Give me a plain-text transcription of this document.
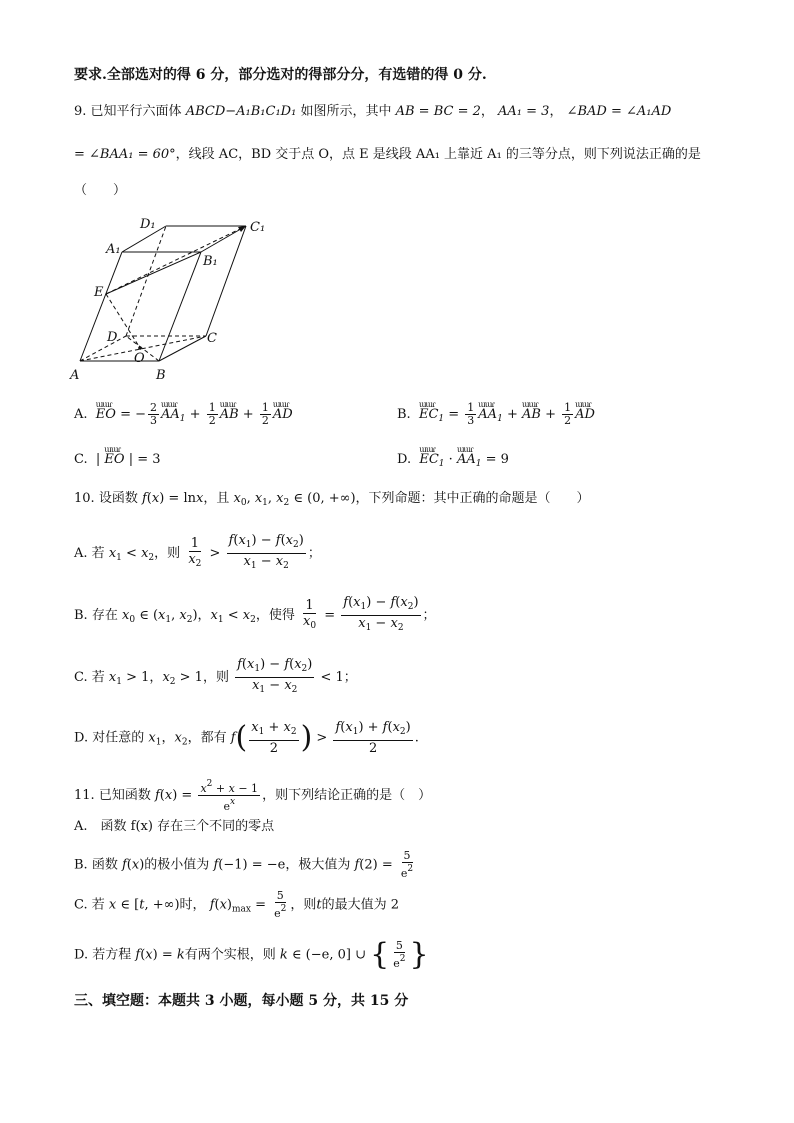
要求.全部选对的得 6 分，部分选对的得部分分，有选错的得 0 分.
9. 已知平行六面体 ABCD−A₁B₁C₁D₁ 如图所示，其中 AB = BC = 2， AA₁ = 3， ∠BAD = ∠A₁AD
= ∠BAA₁ = 60°，线段 AC，BD 交于点 O，点 E 是线段 AA₁ 上靠近 A₁ 的三等分点，则下列说法正确的是
（　　）
D₁	C₁
A₁
B₁
E
D	C
O
A	B
A. ɯɯɾ EO = − $\frac{2}{3}$ ɯɯɾ $AA_1 + \frac{1}{2}$ ɯɯɾ AB + $\frac{1}{2}$ ɯɯɾ AD	B. ɯɯɾ $EC_1 = \frac{1}{3}$ ɯɯɾ $AA_1$ + ɯɯɾ AB + $\frac{1}{2}$ ɯɯɾ AD
C.  | ɯɯɾ EO | = 3	D. ɯɯɾ $EC_1$ · ɯɯɾ $AA_1 = 9$
10. 设函数 f(x) = lnx，且 $x_0$, $x_1$, $x_2$ ∈ (0, +∞)，下列命题：其中正确的命题是（　　）
A. 若 $x_1 < x_2$，则 $\frac{1}{x_2} > \frac{f(x_1) - f(x_2)}{x_1 - x_2}$ ；
B. 存在 $x_0$ ∈ ($x_1$, $x_2$)，$x_1 < x_2$，使得 $\frac{1}{x_0} = \frac{f(x_1) - f(x_2)}{x_1 - x_2}$ ；
C. 若 $x_1 > 1$，$x_2 > 1$，则 $\frac{f(x_1) - f(x_2)}{x_1 - x_2} < 1$；
D. 对任意的 $x_1$，$x_2$，都有 $f( \frac{x_1 + x_2}{2}$ ) > $\frac{f(x_1) + f(x_2)}{2}$ .
11. 已知函数 $f(x) = \frac{x^2 + x - 1}{e^x}$ ，则下列结论正确的是（　）
A.　函数 f(x) 存在三个不同的零点
B. 函数 f(x)的极小值为 f(−1) = −e，极大值为 $f(2) = \frac{5}{e^2}$
C. 若 x ∈ [t, +∞)时， $f(x)_{max} = \frac{5}{e^2}$ ，则t的最大值为 2
D. 若方程 f(x) = k有两个实根，则 k ∈ (−e, 0] ∪ { $\frac{5}{e^2}$ }
三、填空题：本题共 3 小题，每小题 5 分，共 15 分
